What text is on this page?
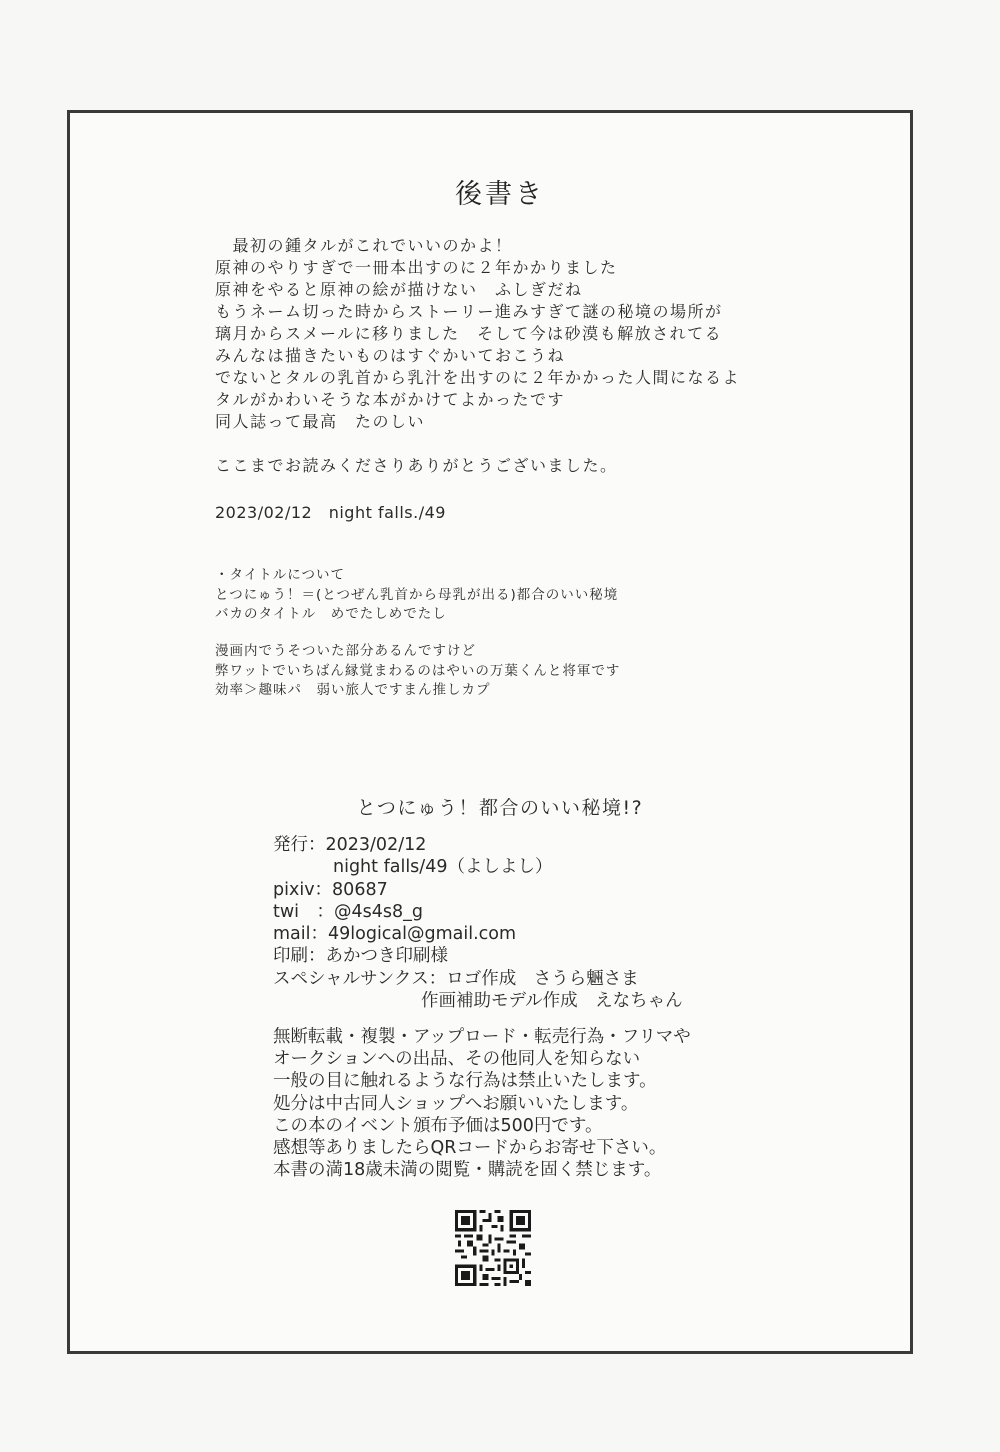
後書き

　最初の鍾タルがこれでいいのかよ！

原神のやりすぎで一冊本出すのに２年かかりました

原神をやると原神の絵が描けない　ふしぎだね

もうネーム切った時からストーリー進みすぎて謎の秘境の場所が

璃月からスメールに移りました　そして今は砂漠も解放されてる

みんなは描きたいものはすぐかいておこうね

でないとタルの乳首から乳汁を出すのに２年かかった人間になるよ

タルがかわいそうな本がかけてよかったです

同人誌って最高　たのしい

ここまでお読みくださりありがとうございました。

2023/02/12　night falls./49

・タイトルについて

とつにゅう！＝(とつぜん乳首から母乳が出る)都合のいい秘境

バカのタイトル　めでたしめでたし

漫画内でうそついた部分あるんですけど

弊ワットでいちばん縁覚まわるのはやいの万葉くんと将軍です

効率＞趣味パ　弱い旅人ですまん推しカプ

とつにゅう！都合のいい秘境!?

発行：2023/02/12

night falls/49（よしよし）

pixiv：80687

twi　：@4s4s8_g

mail：49logical@gmail.com

印刷：あかつき印刷様

スペシャルサンクス：ロゴ作成　さうら魎さま

作画補助モデル作成　えなちゃん

無断転載・複製・アップロード・転売行為・フリマや

オークションへの出品、その他同人を知らない

一般の目に触れるような行為は禁止いたします。

処分は中古同人ショップへお願いいたします。

この本のイベント頒布予価は500円です。

感想等ありましたらQRコードからお寄せ下さい。

本書の満18歳未満の閲覧・購読を固く禁じます。
